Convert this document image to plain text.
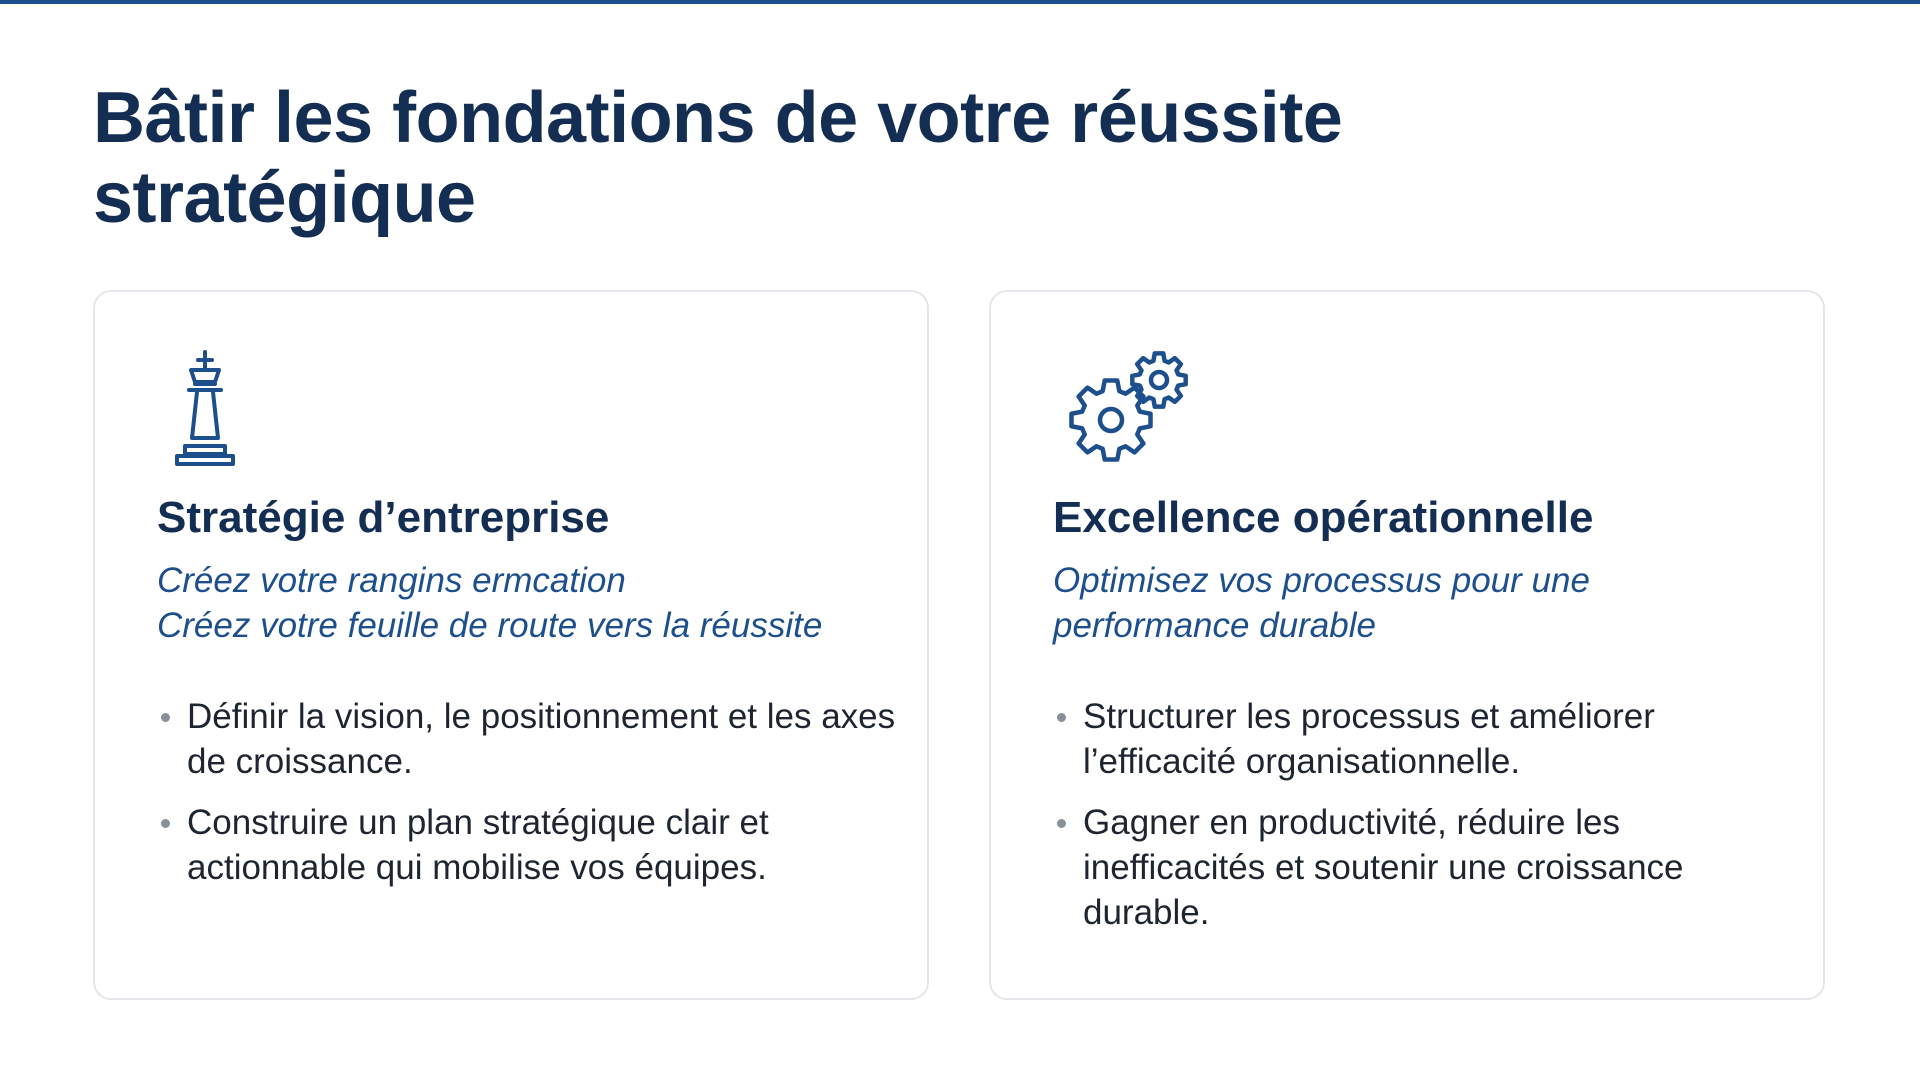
Bâtir les fondations de votre réussite stratégique
Stratégie d’entreprise

Créez votre rangins ermcation
Créez votre feuille de route vers la réussite

Définir la vision, le positionnement et les axes de croissance.
Construire un plan stratégique clair et actionnable qui mobilise vos équipes.
Excellence opérationnelle

Optimisez vos processus pour une
performance durable

Structurer les processus et améliorer l’efficacité organisationnelle.
Gagner en productivité, réduire les inefficacités et soutenir une croissance durable.
